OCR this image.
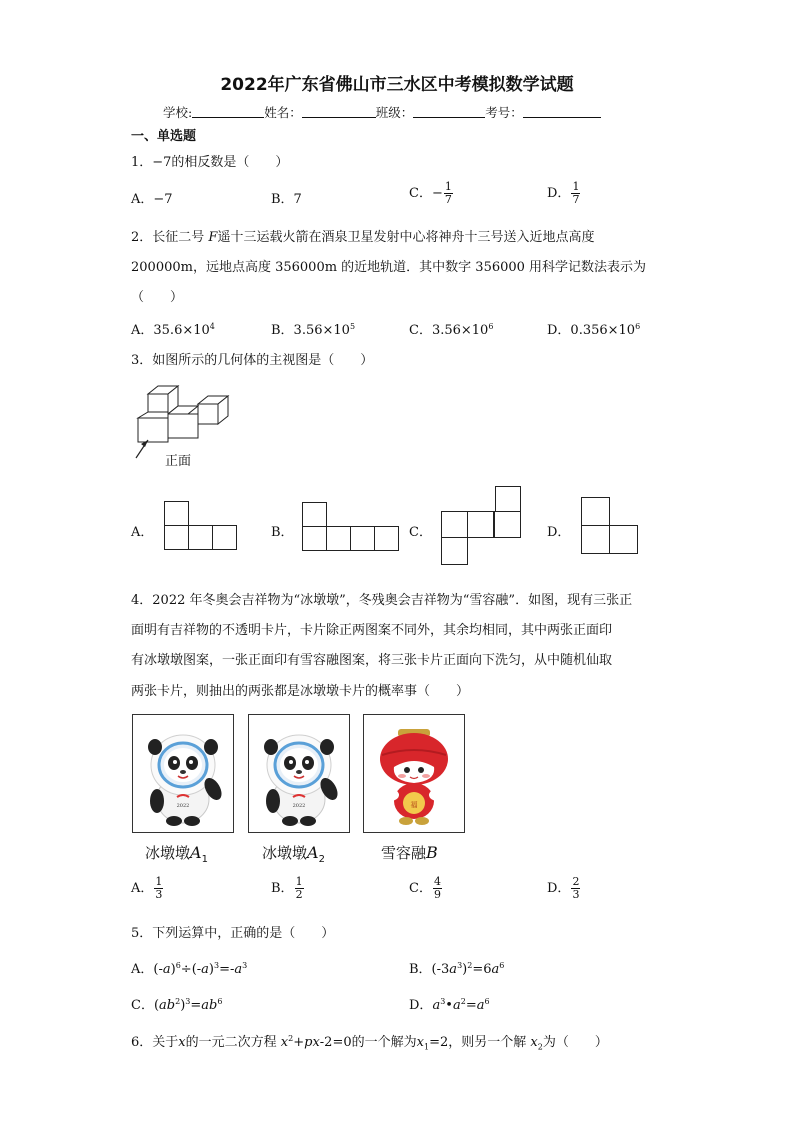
2022年广东省佛山市三水区中考模拟数学试题
学校:	姓名：	班级：	考号：
一、单选题
1．−7的相反数是（　　）
A．−7	B．7	C．− $\frac{1}{7}$	D． $\frac{1}{7}$
2．长征二号 F遥十三运载火箭在酒泉卫星发射中心将神舟十三号送入近地点高度
200000m，远地点高度 356000m 的近地轨道．其中数字 356000 用科学记数法表示为
（　　）
A．$35.6\times 10^4$	B．$3.56\times 10^5$	C．$3.56\times 10^6$	D．$0.356\times 10^6$
3．如图所示的几何体的主视图是（　　）
正面
A．	B．	C．	D．
4．2022 年冬奥会吉祥物为“冰墩墩”，冬残奥会吉祥物为“雪容融”．如图，现有三张正
面明有吉祥物的不透明卡片，卡片除正两图案不同外，其余均相同，其中两张正面印
有冰墩墩图案，一张正面印有雪容融图案，将三张卡片正面向下洗匀，从中随机仙取
两张卡片，则抽出的两张都是冰墩墩卡片的概率事（　　）
2022	2022	福
冰墩墩$A_1$	冰墩墩$A_2$	雪容融B
A． $\frac{1}{3}$	B． $\frac{1}{2}$	C． $\frac{4}{9}$	D． $\frac{2}{3}$
5．下列运算中，正确的是（　　）
A．$(-a)^6\div(-a)^3=-a^3$	B．$(-3a^3)^2=6a^6$
C．$(ab^2)^3=ab^6$	D．$a^3•a^2=a^6$
6．关于x的一元二次方程 $x^2+px-2=0$的一个解为$x_1=2$，则另一个解 $x_2$为（　　）
